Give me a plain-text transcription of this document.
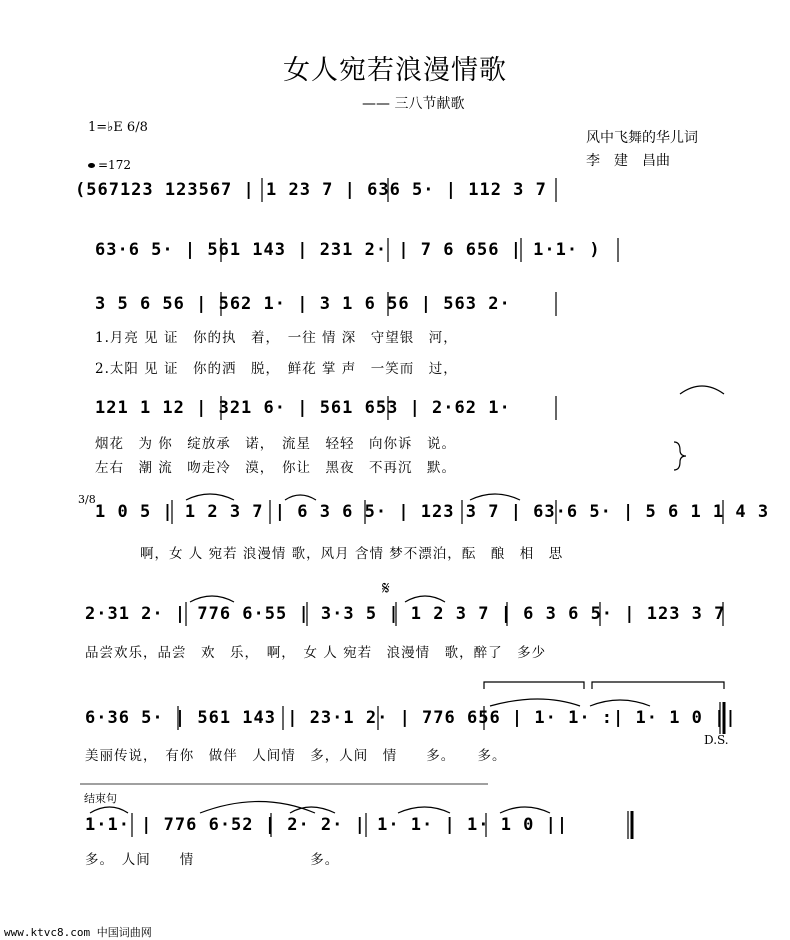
女人宛若浪漫情歌
—— 三八节献歌
风中飞舞的华儿词
李　建　昌曲
1=♭E 6/8
=172
(567123 123567 | 1 23 7 | 636 5· | 112 3 7
63·6 5· | 561 143 | 231 2· | 7 6 656 | 1·1· )
3 5 6 56 | 562 1· | 3 1 6 56 | 563 2·
1.月亮 见 证　你的执　着，　一往 情 深　守望银　河，
2.太阳 见 证　你的洒　脱，　鲜花 掌 声　一笑而　过，
121 1 12 | 321 6· | 561 653 | 2·62 1·
烟花　为 你　绽放承　诺，　流星　轻轻　向你诉　说。
左右　潮 流　吻走冷　漠，　你让　黑夜　不再沉　默。
3/8
1 0 5 | 1 2 3 7 | 6 3 6 5· | 123 3 7 | 63·6 5· | 5 6 1 1 4 3
啊，女 人 宛若 浪漫情 歌，风月 含情 梦不漂泊，酝　酿　相　思
𝄋
2·31 2· | 776 6·55 | 3·3 5 | 1 2 3 7 | 6 3 6 5· | 123 3 7
品尝欢乐，品尝　欢　乐，　啊，　女 人 宛若　浪漫情　歌，醉了　多少
6·36 5· | 561 143 | 23·1 2· | 776 656 | 1· 1· :| 1· 1 0 ||
D.S.
美丽传说，　有你　做伴　人间情　多，人间　情　　多。　　多。
结束句
1·1· | 776 6·52 | 2· 2· | 1· 1· | 1· 1 0 ||
多。　人间　　情　　　　　　　　多。
www.ktvc8.com 中国词曲网
